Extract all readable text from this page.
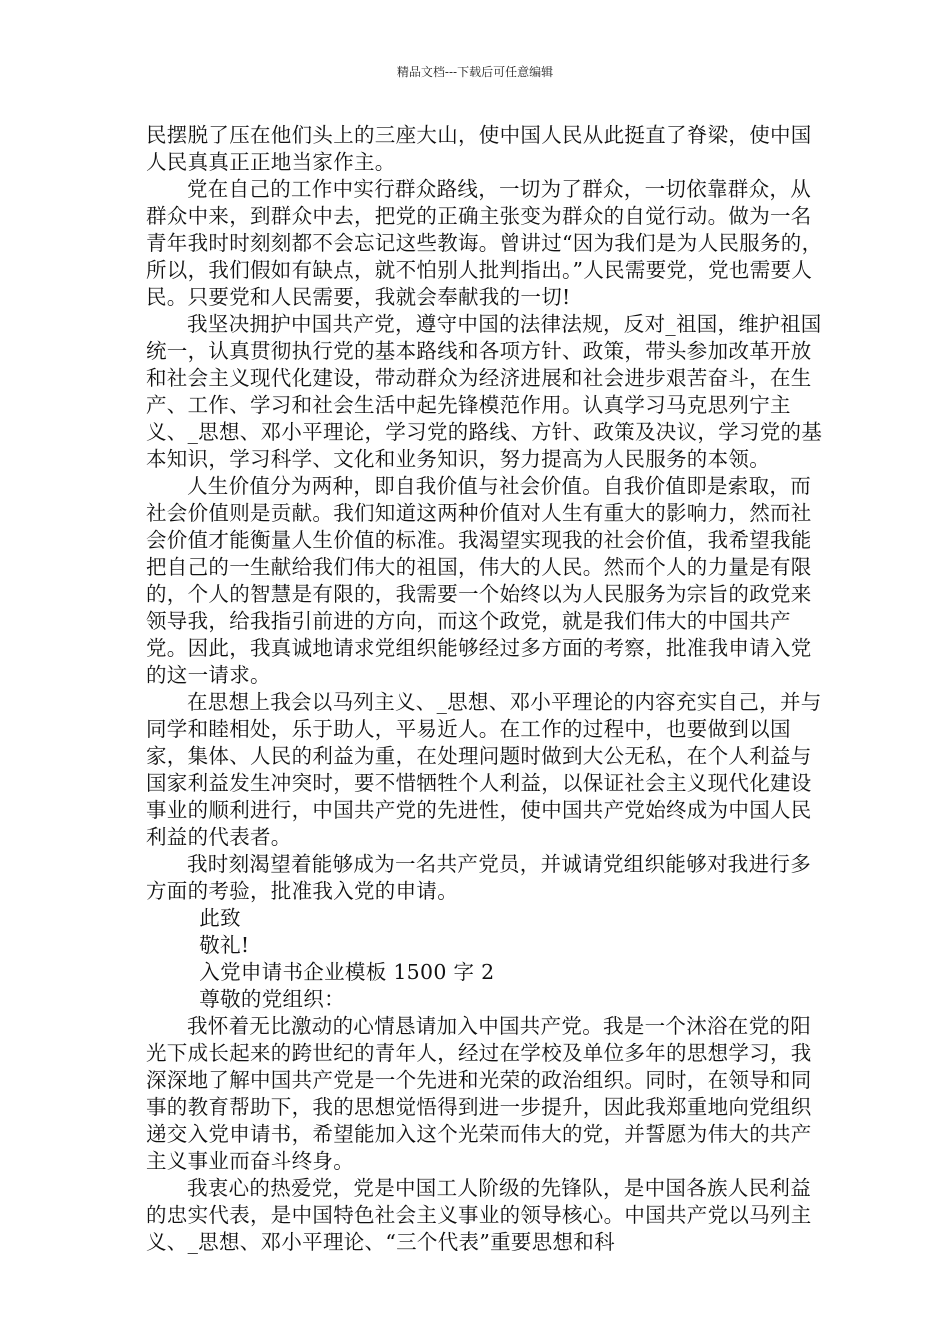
精品文档---下载后可任意编辑

民摆脱了压在他们头上的三座大山，使中国人民从此挺直了脊梁，使中国人民真真正正地当家作主。

党在自己的工作中实行群众路线，一切为了群众，一切依靠群众，从群众中来，到群众中去，把党的正确主张变为群众的自觉行动。做为一名青年我时时刻刻都不会忘记这些教诲。曾讲过“因为我们是为人民服务的，所以，我们假如有缺点，就不怕别人批判指出。”人民需要党，党也需要人民。只要党和人民需要，我就会奉献我的一切!

我坚决拥护中国共产党，遵守中国的法律法规，反对_祖国，维护祖国统一，认真贯彻执行党的基本路线和各项方针、政策，带头参加改革开放和社会主义现代化建设，带动群众为经济进展和社会进步艰苦奋斗，在生产、工作、学习和社会生活中起先锋模范作用。认真学习马克思列宁主义、_思想、邓小平理论，学习党的路线、方针、政策及决议，学习党的基本知识，学习科学、文化和业务知识，努力提高为人民服务的本领。

人生价值分为两种，即自我价值与社会价值。自我价值即是索取，而社会价值则是贡献。我们知道这两种价值对人生有重大的影响力，然而社会价值才能衡量人生价值的标准。我渴望实现我的社会价值，我希望我能把自己的一生献给我们伟大的祖国，伟大的人民。然而个人的力量是有限的，个人的智慧是有限的，我需要一个始终以为人民服务为宗旨的政党来领导我，给我指引前进的方向，而这个政党，就是我们伟大的中国共产党。因此，我真诚地请求党组织能够经过多方面的考察，批准我申请入党的这一请求。

在思想上我会以马列主义、_思想、邓小平理论的内容充实自己，并与同学和睦相处，乐于助人，平易近人。在工作的过程中，也要做到以国家，集体、人民的利益为重，在处理问题时做到大公无私，在个人利益与国家利益发生冲突时，要不惜牺牲个人利益，以保证社会主义现代化建设事业的顺利进行，中国共产党的先进性，使中国共产党始终成为中国人民利益的代表者。

我时刻渴望着能够成为一名共产党员，并诚请党组织能够对我进行多方面的考验，批准我入党的申请。

此致

敬礼!

入党申请书企业模板 1500 字 2

尊敬的党组织：

我怀着无比激动的心情恳请加入中国共产党。我是一个沐浴在党的阳光下成长起来的跨世纪的青年人，经过在学校及单位多年的思想学习，我深深地了解中国共产党是一个先进和光荣的政治组织。同时，在领导和同事的教育帮助下，我的思想觉悟得到进一步提升，因此我郑重地向党组织递交入党申请书，希望能加入这个光荣而伟大的党，并誓愿为伟大的共产主义事业而奋斗终身。

我衷心的热爱党，党是中国工人阶级的先锋队，是中国各族人民利益的忠实代表，是中国特色社会主义事业的领导核心。中国共产党以马列主义、_思想、邓小平理论、“三个代表”重要思想和科
